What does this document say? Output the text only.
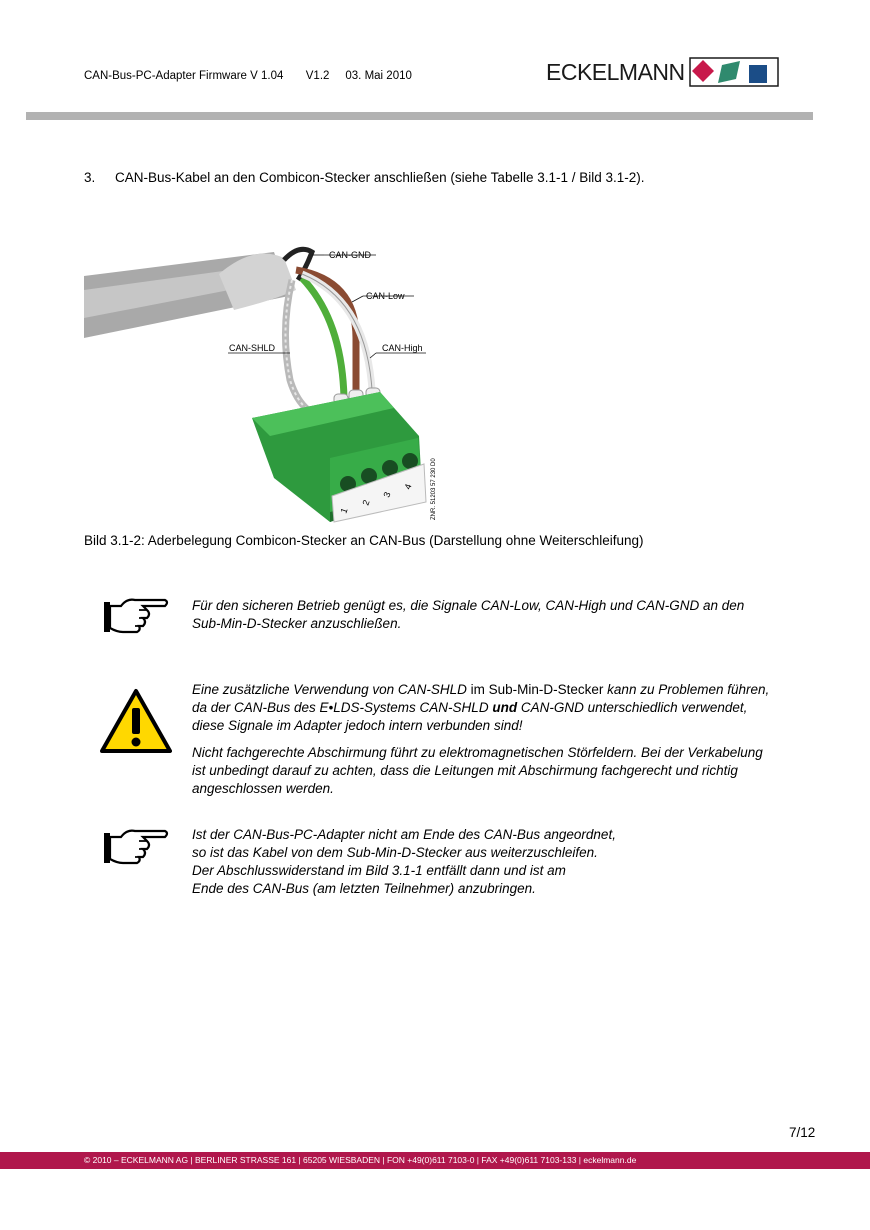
CAN-Bus-PC-Adapter Firmware V 1.04       V1.2     03. Mai 2010	ECKELMANN
3.	CAN-Bus-Kabel an den Combicon-Stecker anschließen (siehe Tabelle 3.1-1 / Bild 3.1-2).
CAN-GND
CAN-Low
CAN-SHLD	CAN-High
1
2
3
4	ZNR. 51203 57 230 D0
Bild 3.1-2: Aderbelegung Combicon-Stecker an CAN-Bus (Darstellung ohne Weiterschleifung)
Für den sicheren Betrieb genügt es, die Signale CAN-Low, CAN-High und CAN-GND an den Sub-Min-D-Stecker anzuschließen.
Eine zusätzliche Verwendung von CAN-SHLD im Sub-Min-D-Stecker kann zu Problemen führen, da der CAN-Bus des E•LDS-Systems CAN-SHLD und CAN-GND unterschiedlich verwendet, diese Signale im Adapter jedoch intern verbunden sind!
Nicht fachgerechte Abschirmung führt zu elektromagnetischen Störfeldern. Bei der Verkabelung ist unbedingt darauf zu achten, dass die Leitungen mit Abschirmung fachgerecht und richtig angeschlossen werden.
Ist der CAN-Bus-PC-Adapter nicht am Ende des CAN-Bus angeordnet,
so ist das Kabel von dem Sub-Min-D-Stecker aus weiterzuschleifen.
Der Abschlusswiderstand im Bild 3.1-1 entfällt dann und ist am
Ende des CAN-Bus (am letzten Teilnehmer) anzubringen.
7/12
© 2010 – ECKELMANN AG | BERLINER STRASSE 161 | 65205 WIESBADEN | FON +49(0)611 7103-0 | FAX +49(0)611 7103-133 | eckelmann.de
